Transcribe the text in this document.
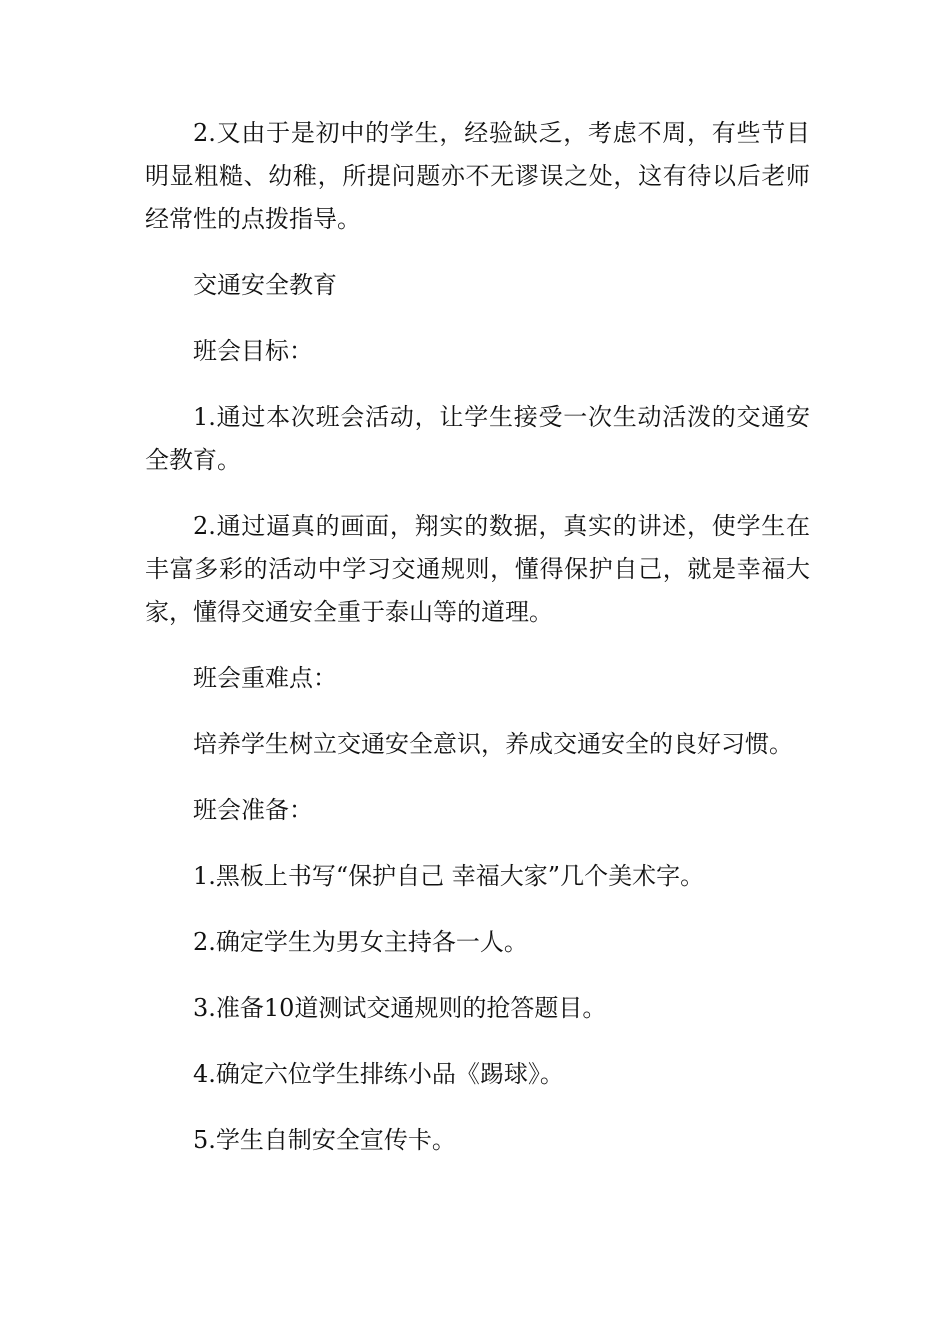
2.又由于是初中的学生，经验缺乏，考虑不周，有些节目明显粗糙、幼稚，所提问题亦不无谬误之处，这有待以后老师经常性的点拨指导。

交通安全教育

班会目标：

1.通过本次班会活动，让学生接受一次生动活泼的交通安全教育。

2.通过逼真的画面，翔实的数据，真实的讲述，使学生在丰富多彩的活动中学习交通规则，懂得保护自己，就是幸福大家，懂得交通安全重于泰山等的道理。

班会重难点：

培养学生树立交通安全意识，养成交通安全的良好习惯。

班会准备：

1.黑板上书写“保护自己 幸福大家”几个美术字。

2.确定学生为男女主持各一人。

3.准备10道测试交通规则的抢答题目。

4.确定六位学生排练小品《踢球》。

5.学生自制安全宣传卡。
